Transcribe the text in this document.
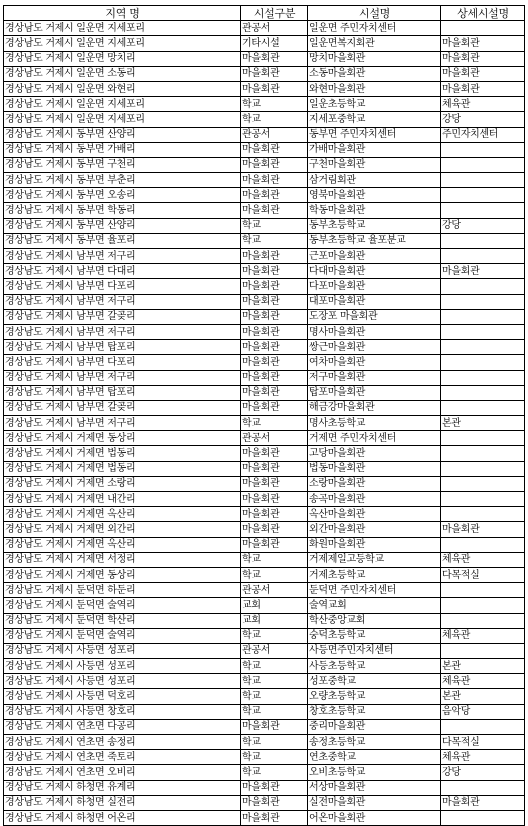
지역 명	시설구분	시설명	상세시설명
경상남도 거제시 일운면 지세포리	관공서	일운면 주민자치센터	
경상남도 거제시 일운면 지세포리	기타시설	일운면복지회관	마을회관
경상남도 거제시 일운면 망치리	마을회관	망치마을회관	마을회관
경상남도 거제시 일운면 소동리	마을회관	소동마을회관	마을회관
경상남도 거제시 일운면 와현리	마을회관	와현마을회관	마을회관
경상남도 거제시 일운면 지세포리	학교	일운초등학교	체육관
경상남도 거제시 일운면 지세포리	학교	지세포중학교	강당
경상남도 거제시 동부면 산양리	관공서	동부면 주민자치센터	주민자치센터
경상남도 거제시 동부면 가배리	마을회관	가배마을회관	
경상남도 거제시 동부면 구천리	마을회관	구천마을회관	
경상남도 거제시 동부면 부춘리	마을회관	삼거림회관	
경상남도 거제시 동부면 오송리	마을회관	영북마을회관	
경상남도 거제시 동부면 학동리	마을회관	학동마을회관	
경상남도 거제시 동부면 산양리	학교	동부초등학교	강당
경상남도 거제시 동부면 율포리	학교	동부초등학교 율포분교	
경상남도 거제시 남부면 저구리	마을회관	근포마을회관	
경상남도 거제시 남부면 다대리	마을회관	다대마을회관	마을회관
경상남도 거제시 남부면 다포리	마을회관	다포마을회관	
경상남도 거제시 남부면 저구리	마을회관	대포마을회관	
경상남도 거제시 남부면 갈곶리	마을회관	도장포 마을회관	
경상남도 거제시 남부면 저구리	마을회관	명사마을회관	
경상남도 거제시 남부면 탑포리	마을회관	쌍근마을회관	
경상남도 거제시 남부면 다포리	마을회관	여차마을회관	
경상남도 거제시 남부면 저구리	마을회관	저구마을회관	
경상남도 거제시 남부면 탑포리	마을회관	탑포마을회관	
경상남도 거제시 남부면 갈곶리	마을회관	해금강마을회관	
경상남도 거제시 남부면 저구리	학교	명사초등학교	본관
경상남도 거제시 거제면 동상리	관공서	거제면 주민자치센터	
경상남도 거제시 거제면 법동리	마을회관	고당마을회관	
경상남도 거제시 거제면 법동리	마을회관	법동마을회관	
경상남도 거제시 거제면 소랑리	마을회관	소랑마을회관	
경상남도 거제시 거제면 내간리	마을회관	송곡마을회관	
경상남도 거제시 거제면 옥산리	마을회관	옥산마을회관	
경상남도 거제시 거제면 외간리	마을회관	외간마을회관	마을회관
경상남도 거제시 거제면 옥산리	마을회관	화원마을회관	
경상남도 거제시 거제면 서정리	학교	거제제일고등학교	체육관
경상남도 거제시 거제면 동상리	학교	거제초등학교	다목적실
경상남도 거제시 둔덕면 하둔리	관공서	둔덕면 주민자치센터	
경상남도 거제시 둔덕면 술역리	교회	술역교회	
경상남도 거제시 둔덕면 학산리	교회	학산중앙교회	
경상남도 거제시 둔덕면 술역리	학교	숭덕초등학교	체육관
경상남도 거제시 사등면 성포리	관공서	사등면주민자치센터	
경상남도 거제시 사등면 성포리	학교	사등초등학교	본관
경상남도 거제시 사등면 성포리	학교	성포중학교	체육관
경상남도 거제시 사등면 덕호리	학교	오량초등학교	본관
경상남도 거제시 사등면 창호리	학교	창호초등학교	음악당
경상남도 거제시 연초면 다공리	마을회관	중리마을회관	
경상남도 거제시 연초면 송정리	학교	송정초등학교	다목적실
경상남도 거제시 연초면 죽토리	학교	연초중학교	체육관
경상남도 거제시 연초면 오비리	학교	오비초등학교	강당
경상남도 거제시 하청면 유계리	마을회관	서상마을회관	
경상남도 거제시 하청면 실전리	마을회관	실전마을회관	마을회관
경상남도 거제시 하청면 어온리	마을회관	어온마을회관	
